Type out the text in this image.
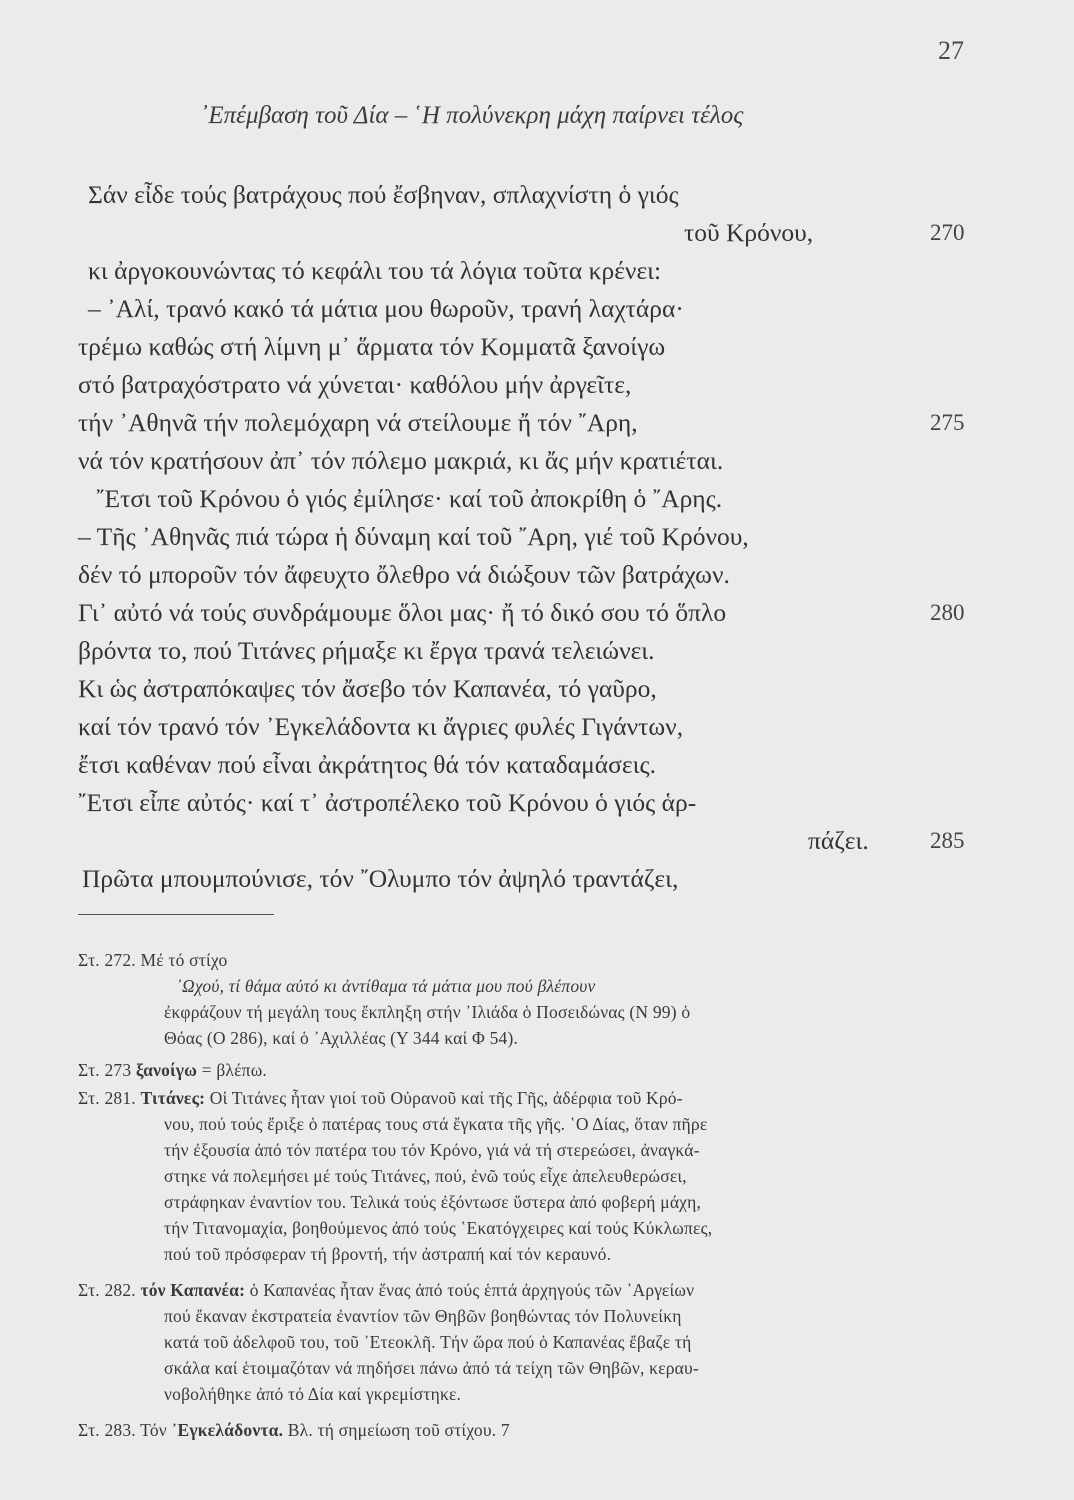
27
᾿Επέμβαση τοῦ Δία – ῾Η πολύνεκρη μάχη παίρνει τέλος
Σάν εἶδε τούς βατράχους πού ἔσβηναν, σπλαχνίστη ὁ γιός
τοῦ Κρόνου,
κι ἀργοκουνώντας τό κεφάλι του τά λόγια τοῦτα κρένει:
– ᾿Αλί, τρανό κακό τά μάτια μου θωροῦν, τρανή λαχτάρα·
τρέμω καθώς στή λίμνη μ᾿ ἅρματα τόν Κομματᾶ ξανοίγω
στό βατραχόστρατο νά χύνεται· καθόλου μήν ἀργεῖτε,
τήν ᾿Αθηνᾶ τήν πολεμόχαρη νά στείλουμε ἤ τόν ῎Αρη,
νά τόν κρατήσουν ἀπ᾿ τόν πόλεμο μακριά, κι ἄς μήν κρατιέται.
῎Ετσι τοῦ Κρόνου ὁ γιός ἐμίλησε· καί τοῦ ἀποκρίθη ὁ ῎Αρης.
– Τῆς ᾿Αθηνᾶς πιά τώρα ἡ δύναμη καί τοῦ ῎Αρη, γιέ τοῦ Κρόνου,
δέν τό μποροῦν τόν ἄφευχτο ὄλεθρο νά διώξουν τῶν βατράχων.
Γι᾿ αὐτό νά τούς συνδράμουμε ὅλοι μας· ἤ τό δικό σου τό ὅπλο
βρόντα το, πού Τιτάνες ρήμαξε κι ἔργα τρανά τελειώνει.
Κι ὡς ἀστραπόκαψες τόν ἄσεβο τόν Καπανέα, τό γαῦρο,
καί τόν τρανό τόν ᾿Εγκελάδοντα κι ἄγριες φυλές Γιγάντων,
ἔτσι καθέναν πού εἶναι ἀκράτητος θά τόν καταδαμάσεις.
῎Ετσι εἶπε αὐτός· καί τ᾿ ἀστροπέλεκο τοῦ Κρόνου ὁ γιός ἁρ-
πάζει.
Πρῶτα μπουμπούνισε, τόν ῎Ολυμπο τόν ἀψηλό τραντάζει,
270
275
280
285
Στ. 272. Μέ τό στίχο
᾿Ωχού, τί θάμα αὐτό κι ἀντίθαμα τά μάτια μου πού βλέπουν
ἐκφράζουν τή μεγάλη τους ἔκπληξη στήν ᾿Ιλιάδα ὁ Ποσειδώνας (Ν 99) ὁ
Θόας (Ο 286), καί ὁ ᾿Αχιλλέας (Υ 344 καί Φ 54).
Στ. 273 ξανοίγω = βλέπω.
Στ. 281. Τιτάνες: Οἱ Τιτάνες ἦταν γιοί τοῦ Οὐρανοῦ καί τῆς Γῆς, ἀδέρφια τοῦ Κρό-
νου, πού τούς ἔριξε ὁ πατέρας τους στά ἔγκατα τῆς γῆς. ῾Ο Δίας, ὅταν πῆρε
τήν ἐξουσία ἀπό τόν πατέρα του τόν Κρόνο, γιά νά τή στερεώσει, ἀναγκά-
στηκε νά πολεμήσει μέ τούς Τιτάνες, πού, ἐνῶ τούς εἶχε ἀπελευθερώσει,
στράφηκαν ἐναντίον του. Τελικά τούς ἐξόντωσε ὕστερα ἀπό φοβερή μάχη,
τήν Τιτανομαχία, βοηθούμενος ἀπό τούς ῾Εκατόγχειρες καί τούς Κύκλωπες,
πού τοῦ πρόσφεραν τή βροντή, τήν ἀστραπή καί τόν κεραυνό.
Στ. 282. τόν Καπανέα: ὁ Καπανέας ἦταν ἕνας ἀπό τούς ἑπτά ἀρχηγούς τῶν ᾿Αργείων
πού ἔκαναν ἐκστρατεία ἐναντίον τῶν Θηβῶν βοηθώντας τόν Πολυνείκη
κατά τοῦ ἀδελφοῦ του, τοῦ ᾿Ετεοκλῆ. Τήν ὥρα πού ὁ Καπανέας ἔβαζε τή
σκάλα καί ἑτοιμαζόταν νά πηδήσει πάνω ἀπό τά τείχη τῶν Θηβῶν, κεραυ-
νοβολήθηκε ἀπό τό Δία καί γκρεμίστηκε.
Στ. 283. Τόν ᾿Εγκελάδοντα. Βλ. τή σημείωση τοῦ στίχου. 7
